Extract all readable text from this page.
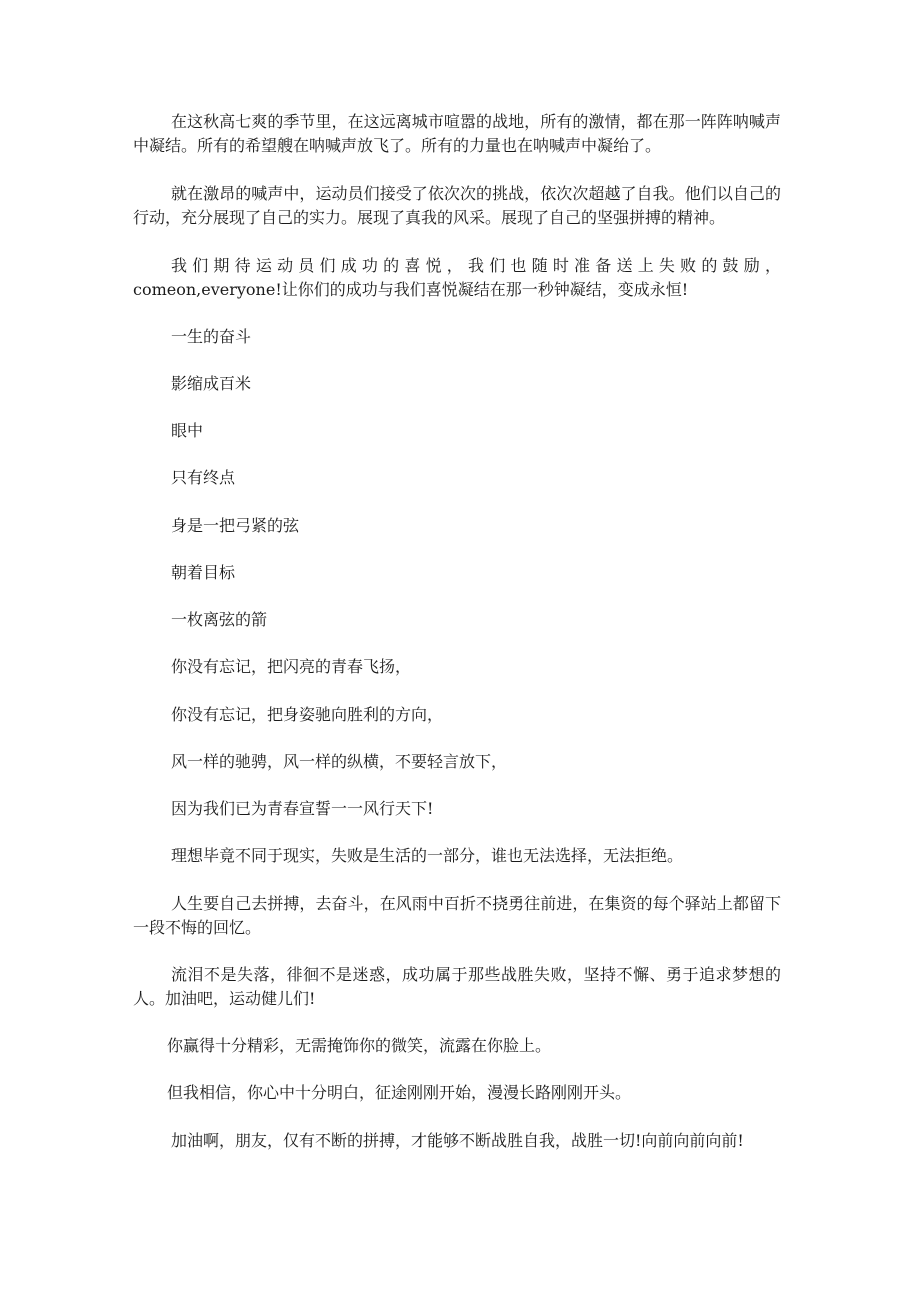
在这秋高七爽的季节里，在这远离城市喧嚣的战地，所有的激情，都在那一阵阵呐喊声中凝结。所有的希望艘在呐喊声放飞了。所有的力量也在呐喊声中凝绐了。

就在激昂的喊声中，运动员们接受了依次次的挑战，依次次超越了自我。他们以自己的行动，充分展现了自己的实力。展现了真我的风采。展现了自己的坚强拼搏的精神。

我们期待运动员们成功的喜悦，我们也随时准备送上失败的鼓励，comeon,everyone!让你们的成功与我们喜悦凝结在那一秒钟凝结，变成永恒!

一生的奋斗

影缩成百米

眼中

只有终点

身是一把弓紧的弦

朝着目标

一枚离弦的箭

你没有忘记，把闪亮的青春飞扬，

你没有忘记，把身姿驰向胜利的方向，

风一样的驰骋，风一样的纵横，不要轻言放下，

因为我们已为青春宣誓一一风行天下!

理想毕竟不同于现实，失败是生活的一部分，谁也无法选择，无法拒绝。

人生要自己去拼搏，去奋斗，在风雨中百折不挠勇往前进，在集资的每个驿站上都留下一段不悔的回忆。

流泪不是失落，徘徊不是迷惑，成功属于那些战胜失败，坚持不懈、勇于追求梦想的人。加油吧，运动健儿们!

你赢得十分精彩，无需掩饰你的微笑，流露在你脸上。

但我相信，你心中十分明白，征途刚刚开始，漫漫长路刚刚开头。

加油啊，朋友，仅有不断的拼搏，才能够不断战胜自我，战胜一切!向前向前向前!
